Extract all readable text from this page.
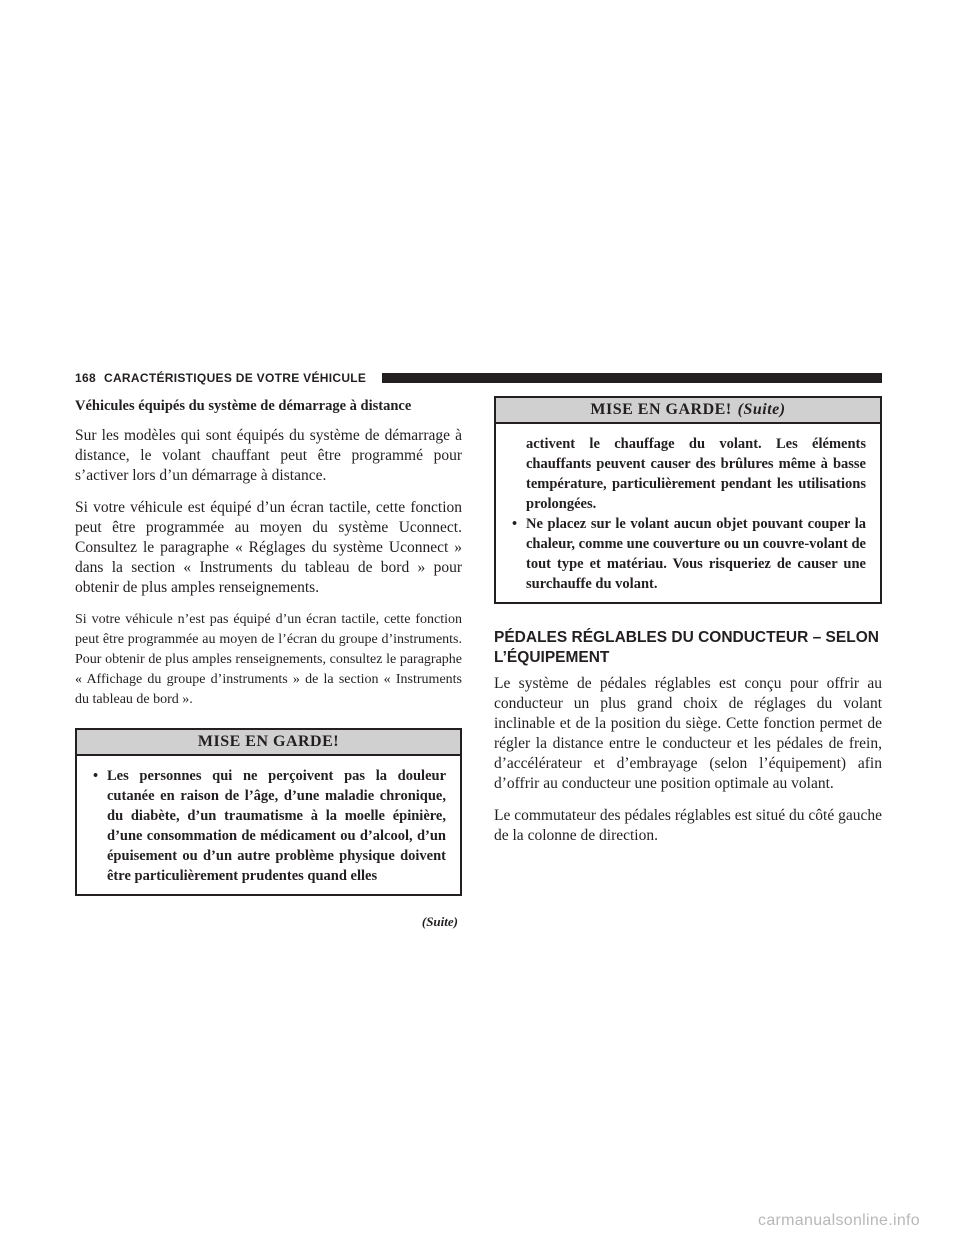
168 CARACTÉRISTIQUES DE VOTRE VÉHICULE

Véhicules équipés du système de démarrage à distance

Sur les modèles qui sont équipés du système de démarrage à distance, le volant chauffant peut être programmé pour s’activer lors d’un démarrage à distance.

Si votre véhicule est équipé d’un écran tactile, cette fonction peut être programmée au moyen du système Uconnect. Consultez le paragraphe « Réglages du système Uconnect » dans la section « Instruments du tableau de bord » pour obtenir de plus amples renseignements.

Si votre véhicule n’est pas équipé d’un écran tactile, cette fonction peut être programmée au moyen de l’écran du groupe d’instruments. Pour obtenir de plus amples renseignements, consultez le paragraphe « Affichage du groupe d’instruments » de la section « Instruments du tableau de bord ».

MISE EN GARDE!
• Les personnes qui ne perçoivent pas la douleur cutanée en raison de l’âge, d’une maladie chronique, du diabète, d’un traumatisme à la moelle épinière, d’une consommation de médicament ou d’alcool, d’un épuisement ou d’un autre problème physique doivent être particulièrement prudentes quand elles
(Suite)
MISE EN GARDE! (Suite)
activent le chauffage du volant. Les éléments chauffants peuvent causer des brûlures même à basse température, particulièrement pendant les utilisations prolongées.
• Ne placez sur le volant aucun objet pouvant couper la chaleur, comme une couverture ou un couvre-volant de tout type et matériau. Vous risqueriez de causer une surchauffe du volant.
PÉDALES RÉGLABLES DU CONDUCTEUR – SELON L’ÉQUIPEMENT

Le système de pédales réglables est conçu pour offrir au conducteur un plus grand choix de réglages du volant inclinable et de la position du siège. Cette fonction permet de régler la distance entre le conducteur et les pédales de frein, d’accélérateur et d’embrayage (selon l’équipement) afin d’offrir au conducteur une position optimale au volant.

Le commutateur des pédales réglables est situé du côté gauche de la colonne de direction.

carmanualsonline.info
